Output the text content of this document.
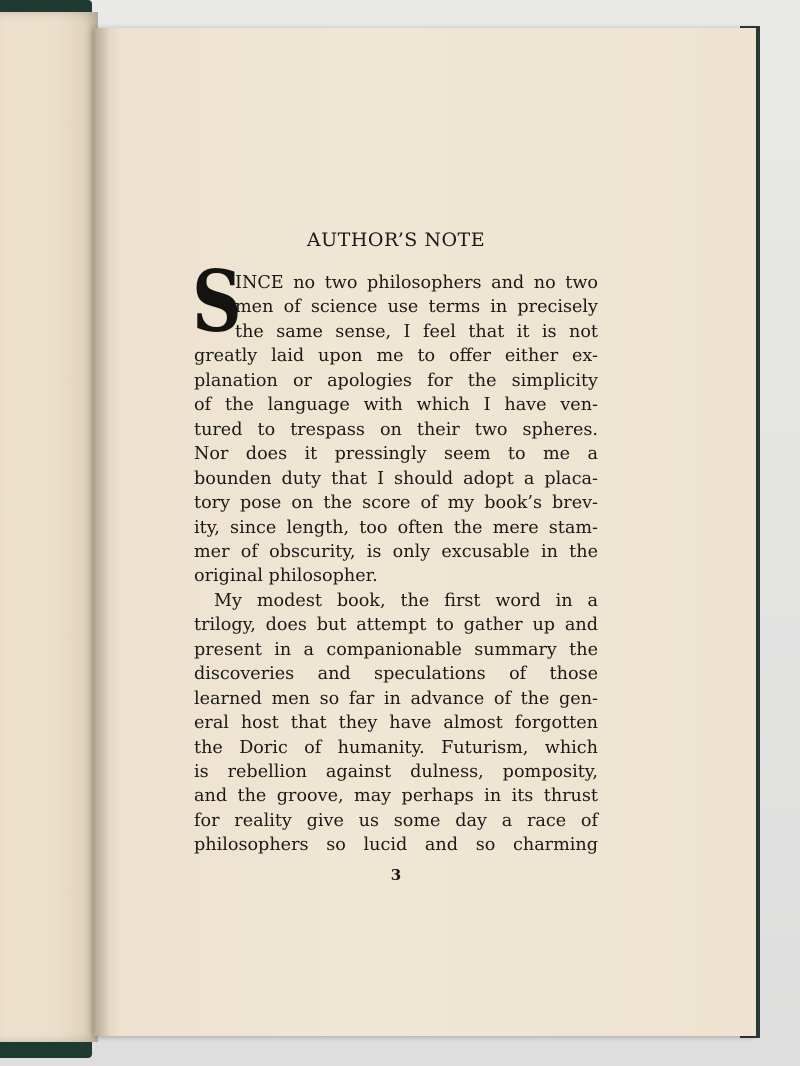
AUTHOR’S NOTE
S
INCE no two philosophers and no two
men of science use terms in precisely
the same sense, I feel that it is not
greatly laid upon me to offer either ex-
planation or apologies for the simplicity
of the language with which I have ven-
tured to trespass on their two spheres.
Nor does it pressingly seem to me a
bounden duty that I should adopt a placa-
tory pose on the score of my book’s brev-
ity, since length, too often the mere stam-
mer of obscurity, is only excusable in the
original philosopher.
My modest book, the first word in a
trilogy, does but attempt to gather up and
present in a companionable summary the
discoveries and speculations of those
learned men so far in advance of the gen-
eral host that they have almost forgotten
the Doric of humanity. Futurism, which
is rebellion against dulness, pomposity,
and the groove, may perhaps in its thrust
for reality give us some day a race of
philosophers so lucid and so charming
3
